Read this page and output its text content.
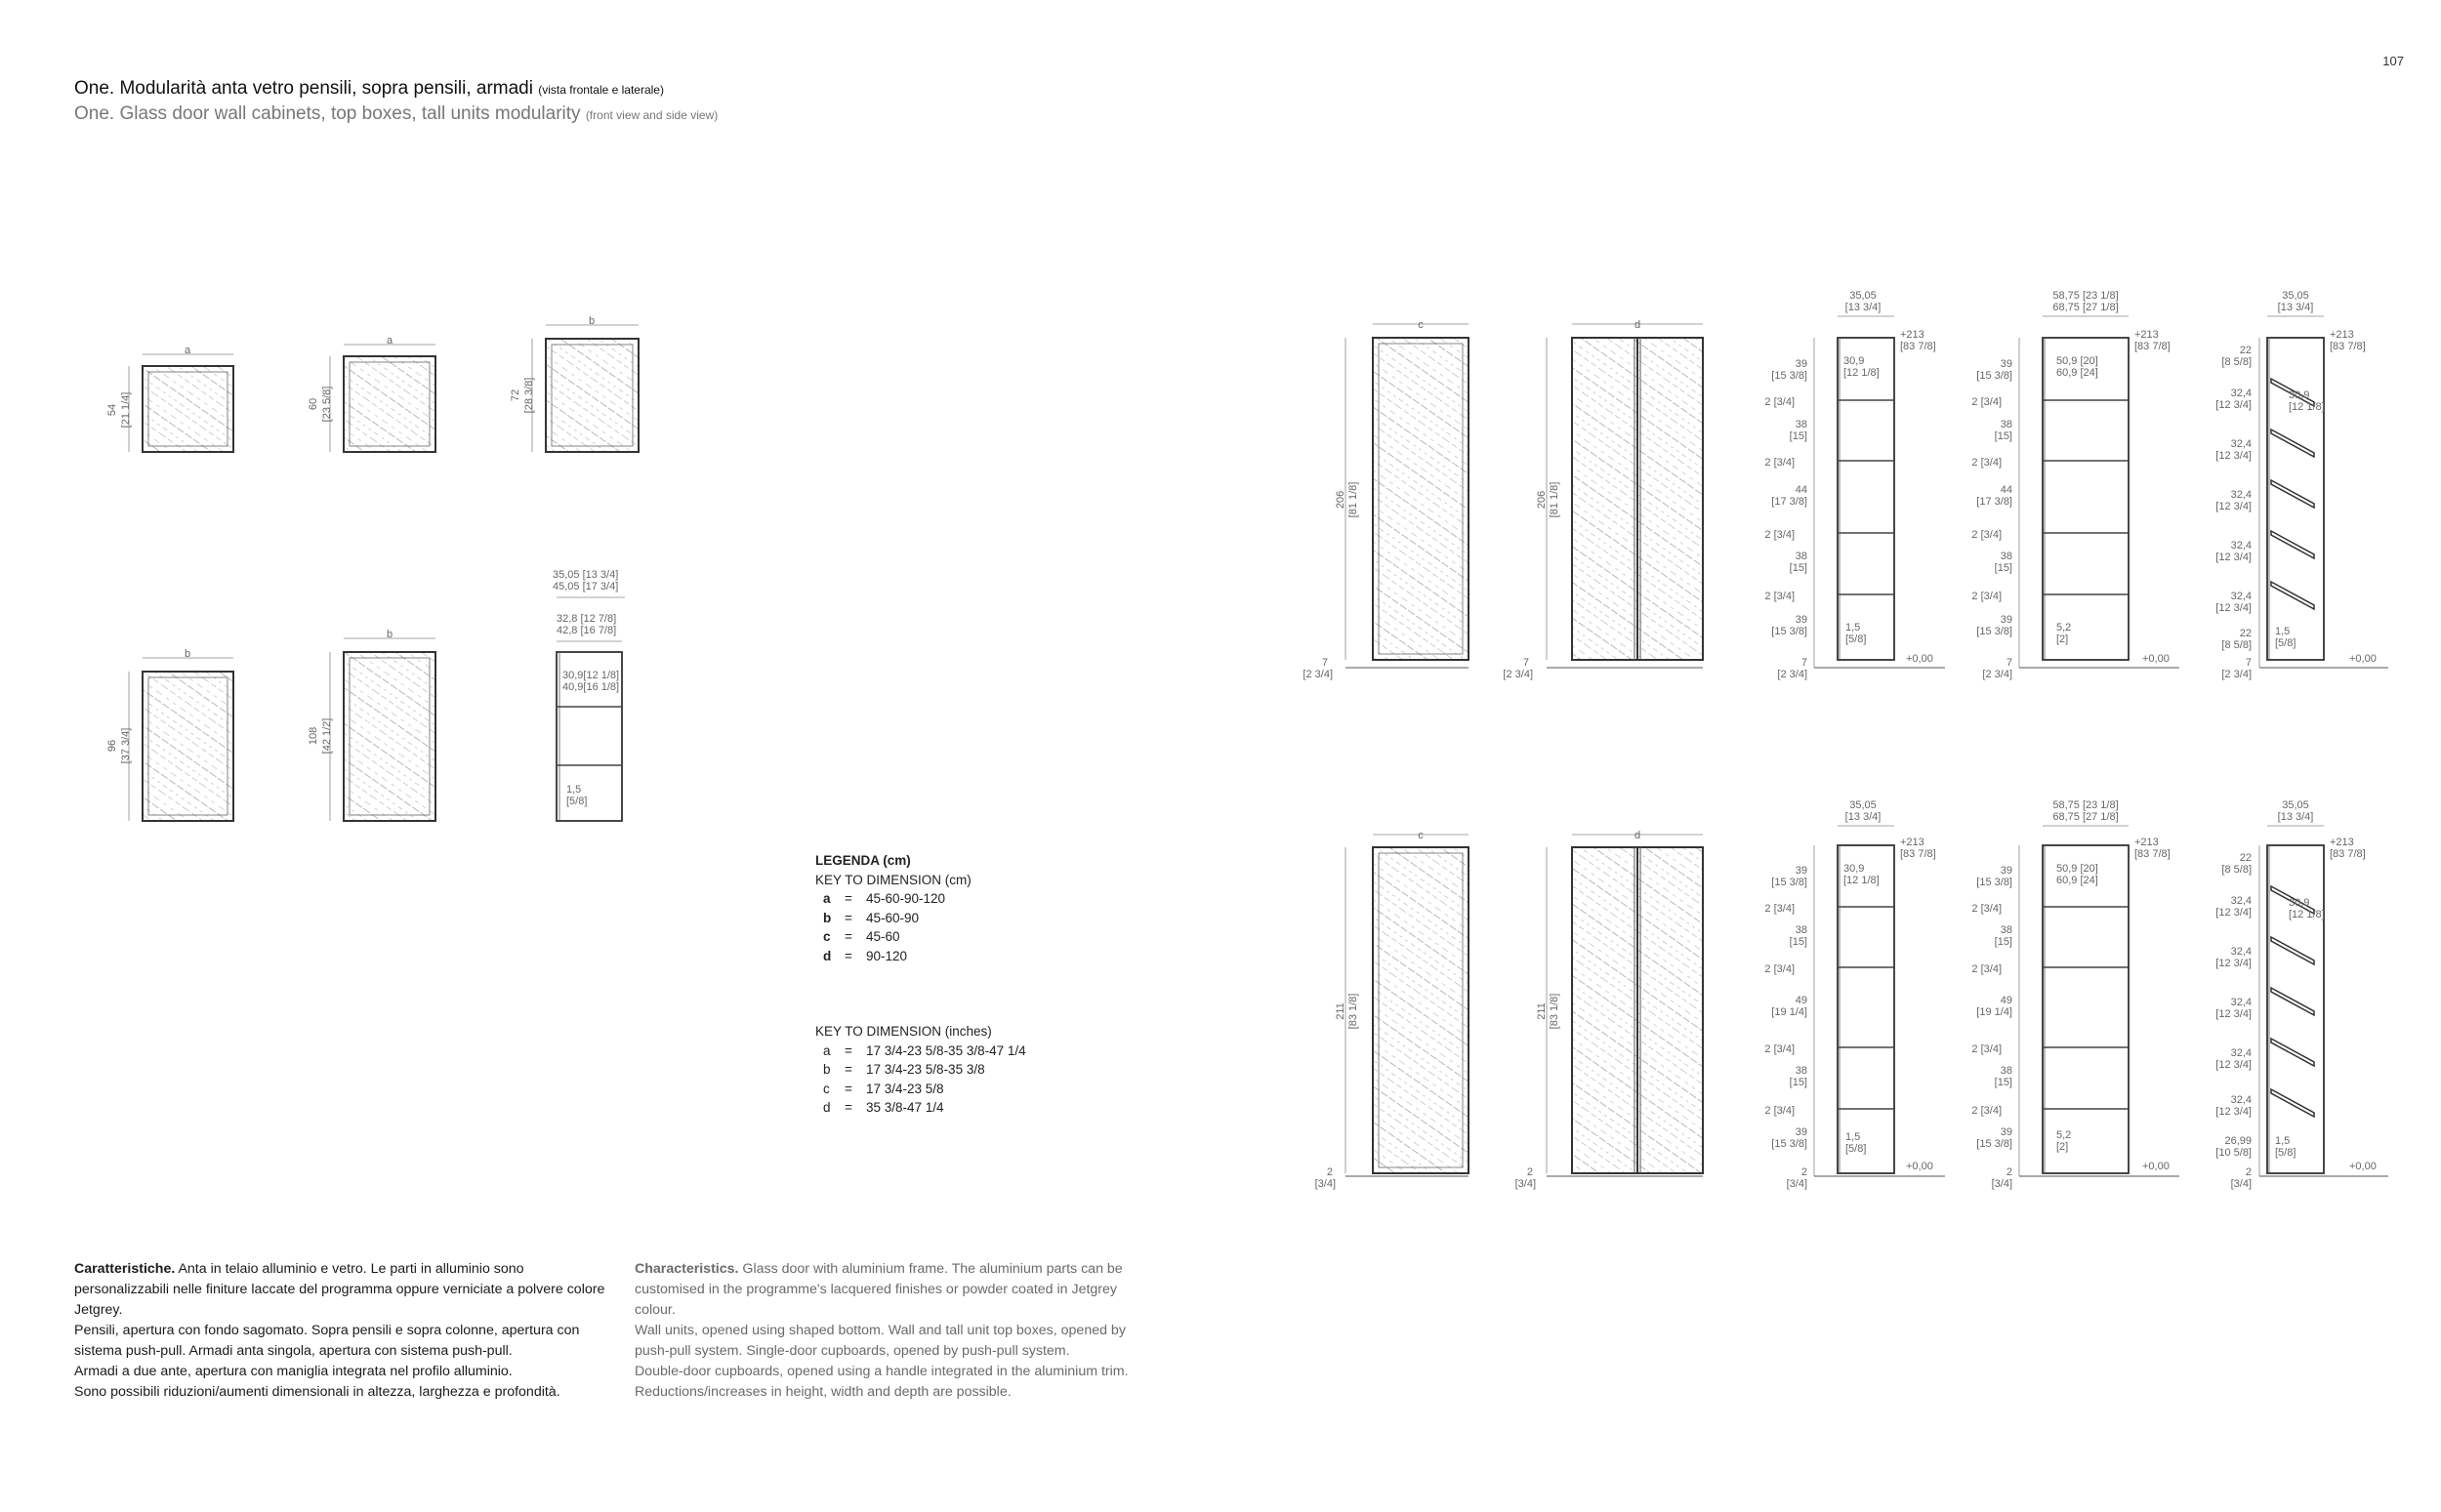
107
One. Modularità anta vetro pensili, sopra pensili, armadi (vista frontale e laterale)
One. Glass door wall cabinets, top boxes, tall units modularity (front view and side view)
a
54 [21 1/4]
a
60 [23 5/8]
b
72 [28 3/8]
b
96 [37 3/4]
b
108 [42 1/2]
35,05 [13 3/4]
45,05 [17 3/4]
32,8 [12 7/8]
42,8 [16 7/8]
30,9[12 1/8]
40,9[16 1/8]
1,5
[5/8]
c
206 [81 1/8]
7
[2 3/4]
d
206 [81 1/8]
7
[2 3/4]
35,05
[13 3/4]
+213
[83 7/8]
30,9
[12 1/8]
39
[15 3/8]
2 [3/4]
38
[15]
2 [3/4]
44
[17 3/8]
2 [3/4]
38
[15]
2 [3/4]
39
[15 3/8]
7
[2 3/4]
1,5
[5/8]
+0,00
58,75 [23 1/8]
68,75 [27 1/8]
+213
[83 7/8]
50,9 [20]
60,9 [24]
39
[15 3/8]
2 [3/4]
38
[15]
2 [3/4]
44
[17 3/8]
2 [3/4]
38
[15]
2 [3/4]
39
[15 3/8]
7
[2 3/4]
5,2
[2]
+0,00
35,05
[13 3/4]
+213
[83 7/8]
30,9
[12 1/8]
22
[8 5/8]
32,4
[12 3/4]
32,4
[12 3/4]
32,4
[12 3/4]
32,4
[12 3/4]
32,4
[12 3/4]
22
[8 5/8]
1,5
[5/8]
7
[2 3/4]
+0,00
c
211 [83 1/8]
2
[3/4]
d
211 [83 1/8]
2
[3/4]
35,05
[13 3/4]
+213
[83 7/8]
30,9
[12 1/8]
39
[15 3/8]
2 [3/4]
38
[15]
2 [3/4]
49
[19 1/4]
2 [3/4]
38
[15]
2 [3/4]
39
[15 3/8]
2
[3/4]
1,5
[5/8]
+0,00
58,75 [23 1/8]
68,75 [27 1/8]
+213
[83 7/8]
50,9 [20]
60,9 [24]
39
[15 3/8]
2 [3/4]
38
[15]
2 [3/4]
49
[19 1/4]
2 [3/4]
38
[15]
2 [3/4]
39
[15 3/8]
2
[3/4]
5,2
[2]
+0,00
35,05
[13 3/4]
+213
[83 7/8]
30,9
[12 1/8]
22
[8 5/8]
32,4
[12 3/4]
32,4
[12 3/4]
32,4
[12 3/4]
32,4
[12 3/4]
32,4
[12 3/4]
26,99
[10 5/8]
1,5
[5/8]
2
[3/4]
+0,00
LEGENDA (cm)
KEY TO DIMENSION (cm)
a	=	45-60-90-120
b	=	45-60-90
c	=	45-60
d	=	90-120
KEY TO DIMENSION (inches)
a	=	17 3/4-23 5/8-35 3/8-47 1/4
b	=	17 3/4-23 5/8-35 3/8
c	=	17 3/4-23 5/8
d	=	35 3/8-47 1/4

Caratteristiche. Anta in telaio alluminio e vetro. Le parti in alluminio sono personalizzabili nelle finiture laccate del programma oppure verniciate a polvere colore Jetgrey.

Pensili, apertura con fondo sagomato. Sopra pensili e sopra colonne, apertura con sistema push-pull. Armadi anta singola, apertura con sistema push-pull.

Armadi a due ante, apertura con maniglia integrata nel profilo alluminio.

Sono possibili riduzioni/aumenti dimensionali in altezza, larghezza e profondità.

Characteristics. Glass door with aluminium frame. The aluminium parts can be customised in the programme's lacquered finishes or powder coated in Jetgrey colour.

Wall units, opened using shaped bottom. Wall and tall unit top boxes, opened by push-pull system. Single-door cupboards, opened by push-pull system.

Double-door cupboards, opened using a handle integrated in the aluminium trim.

Reductions/increases in height, width and depth are possible.
